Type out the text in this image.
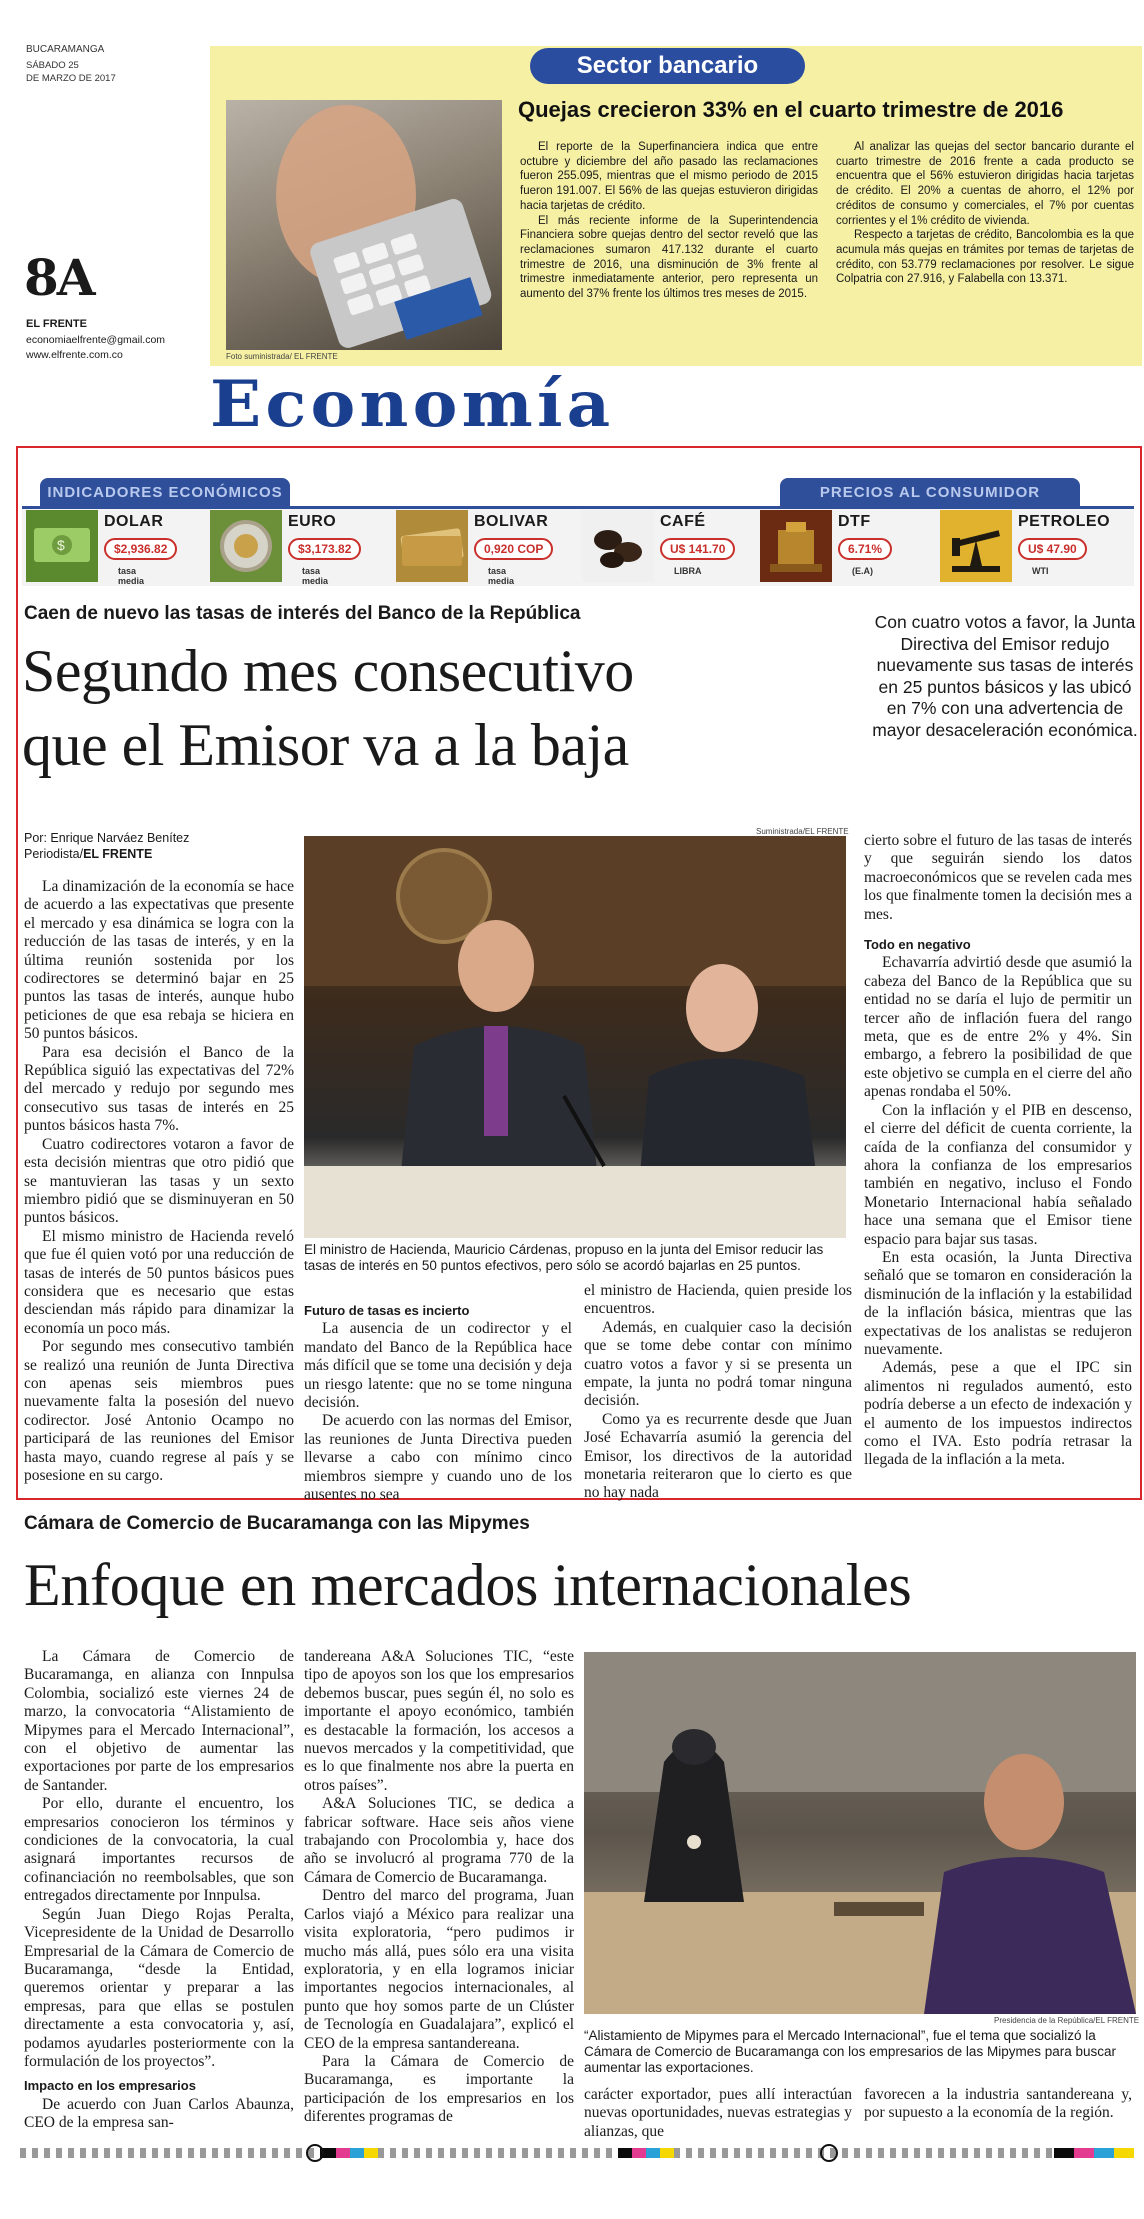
BUCARAMANGA
SÁBADO 25
DE MARZO DE 2017
8A
EL FRENTE
economiaelfrente@gmail.com
www.elfrente.com.co
Economía
Sector bancario
Foto suministrada/ EL FRENTE
Quejas crecieron 33% en el cuarto trimestre de 2016

El reporte de la Superfinanciera indica que entre octubre y diciembre del año pasado las reclamaciones fueron 255.095, mientras que el mismo periodo de 2015 fueron 191.007. El 56% de las quejas estuvieron dirigidas hacia tarjetas de crédito.

El más reciente informe de la Superintendencia Financiera sobre quejas dentro del sector reveló que las reclamaciones sumaron 417.132 durante el cuarto trimestre de 2016, una disminución de 3% frente al trimestre inmediatamente anterior, pero representa un aumento del 37% frente los últimos tres meses de 2015.

Al analizar las quejas del sector bancario durante el cuarto trimestre de 2016 frente a cada producto se encuentra que el 56% estuvieron dirigidas hacia tarjetas de crédito. El 20% a cuentas de ahorro, el 12% por créditos de consumo y comerciales, el 7% por cuentas corrientes y el 1% crédito de vivienda.

Respecto a tarjetas de crédito, Bancolombia es la que acumula más quejas en trámites por temas de tarjetas de crédito, con 53.779 reclamaciones por resolver. Le sigue Colpatria con 27.916, y Falabella con 13.371.

INDICADORES ECONÓMICOS	PRECIOS AL CONSUMIDOR
$
DOLAR
$2,936.82
tasa media
EURO
$3,173.82
tasa media
BOLIVAR
0,920 COP
tasa media
CAFÉ
U$ 141.70
LIBRA
DTF
6.71%
(E.A)
PETROLEO
U$ 47.90
WTI
Caen de nuevo las tasas de interés del Banco de la República
Segundo mes consecutivo
que el Emisor va a la baja
Con cuatro votos a favor, la Junta Directiva del Emisor redujo nuevamente sus tasas de interés en 25 puntos básicos y las ubicó en 7% con una advertencia de mayor desaceleración económica.
Por: Enrique Narváez Benítez
Periodista/EL FRENTE
Suministrada/EL FRENTE
El ministro de Hacienda, Mauricio Cárdenas, propuso en la junta del Emisor reducir las tasas de interés en 50 puntos efectivos, pero sólo se acordó bajarlas en 25 puntos.

La dinamización de la economía se hace de acuerdo a las expectativas que presente el mercado y esa dinámica se logra con la reducción de las tasas de interés, y en la última reunión sostenida por los codirectores se determinó bajar en 25 puntos las tasas de interés, aunque hubo peticiones de que esa rebaja se hiciera en 50 puntos básicos.

Para esa decisión el Banco de la República siguió las expectativas del 72% del mercado y redujo por segundo mes consecutivo sus tasas de interés en 25 puntos básicos hasta 7%.

Cuatro codirectores votaron a favor de esta decisión mientras que otro pidió que se mantuvieran las tasas y un sexto miembro pidió que se disminuyeran en 50 puntos básicos.

El mismo ministro de Hacienda reveló que fue él quien votó por una reducción de tasas de interés de 50 puntos básicos pues considera que es necesario que estas desciendan más rápido para dinamizar la economía un poco más.

Por segundo mes consecutivo también se realizó una reunión de Junta Directiva con apenas seis miembros pues nuevamente falta la posesión del nuevo codirector. José Antonio Ocampo no participará de las reuniones del Emisor hasta mayo, cuando regrese al país y se posesione en su cargo.

Futuro de tasas es incierto

La ausencia de un codirector y el mandato del Banco de la República hace más difícil que se tome una decisión y deja un riesgo latente: que no se tome ninguna decisión.

De acuerdo con las normas del Emisor, las reuniones de Junta Directiva pueden llevarse a cabo con mínimo cinco miembros siempre y cuando uno de los ausentes no sea

el ministro de Hacienda, quien preside los encuentros.

Además, en cualquier caso la decisión que se tome debe contar con mínimo cuatro votos a favor y si se presenta un empate, la junta no podrá tomar ninguna decisión.

Como ya es recurrente desde que Juan José Echavarría asumió la gerencia del Emisor, los directivos de la autoridad monetaria reiteraron que lo cierto es que no hay nada

cierto sobre el futuro de las tasas de interés y que seguirán siendo los datos macroeconómicos que se revelen cada mes los que finalmente tomen la decisión mes a mes.

Todo en negativo

Echavarría advirtió desde que asumió la cabeza del Banco de la República que su entidad no se daría el lujo de permitir un tercer año de inflación fuera del rango meta, que es de entre 2% y 4%. Sin embargo, a febrero la posibilidad de que este objetivo se cumpla en el cierre del año apenas rondaba el 50%.

Con la inflación y el PIB en descenso, el cierre del déficit de cuenta corriente, la caída de la confianza del consumidor y ahora la confianza de los empresarios también en negativo, incluso el Fondo Monetario Internacional había señalado hace una semana que el Emisor tiene espacio para bajar sus tasas.

En esta ocasión, la Junta Directiva señaló que se tomaron en consideración la disminución de la inflación y la estabilidad de la inflación básica, mientras que las expectativas de los analistas se redujeron nuevamente.

Además, pese a que el IPC sin alimentos ni regulados aumentó, esto podría deberse a un efecto de indexación y el aumento de los impuestos indirectos como el IVA. Esto podría retrasar la llegada de la inflación a la meta.

Cámara de Comercio de Bucaramanga con las Mipymes
Enfoque en mercados internacionales

La Cámara de Comercio de Bucaramanga, en alianza con Innpulsa Colombia, socializó este viernes 24 de marzo, la convocatoria “Alistamiento de Mipymes para el Mercado Internacional”, con el objetivo de aumentar las exportaciones por parte de los empresarios de Santander.

Por ello, durante el encuentro, los empresarios conocieron los términos y condiciones de la convocatoria, la cual asignará importantes recursos de cofinanciación no reembolsables, que son entregados directamente por Innpulsa.

Según Juan Diego Rojas Peralta, Vicepresidente de la Unidad de Desarrollo Empresarial de la Cámara de Comercio de Bucaramanga, “desde la Entidad, queremos orientar y preparar a las empresas, para que ellas se postulen directamente a esta convocatoria y, así, podamos ayudarles posteriormente con la formulación de los proyectos”.

Impacto en los empresarios

De acuerdo con Juan Carlos Abaunza, CEO de la empresa san-

tandereana A&A Soluciones TIC, “este tipo de apoyos son los que los empresarios debemos buscar, pues según él, no solo es importante el apoyo económico, también es destacable la formación, los accesos a nuevos mercados y la competitividad, que es lo que finalmente nos abre la puerta en otros países”.

A&A Soluciones TIC, se dedica a fabricar software. Hace seis años viene trabajando con Procolombia y, hace dos año se involucró al programa 770 de la Cámara de Comercio de Bucaramanga.

Dentro del marco del programa, Juan Carlos viajó a México para realizar una visita exploratoria, “pero pudimos ir mucho más allá, pues sólo era una visita exploratoria, y en ella logramos iniciar importantes negocios internacionales, al punto que hoy somos parte de un Clúster de Tecnología en Guadalajara”, explicó el CEO de la empresa santandereana.

Para la Cámara de Comercio de Bucaramanga, es importante la participación de los empresarios en los diferentes programas de

Presidencia de la República/EL FRENTE
“Alistamiento de Mipymes para el Mercado Internacional”, fue el tema que socializó la Cámara de Comercio de Bucaramanga con los empresarios de las Mipymes para buscar aumentar las exportaciones.

carácter exportador, pues allí interactúan nuevas oportunidades, nuevas estrategias y alianzas, que

favorecen a la industria santandereana y, por supuesto a la economía de la región.
